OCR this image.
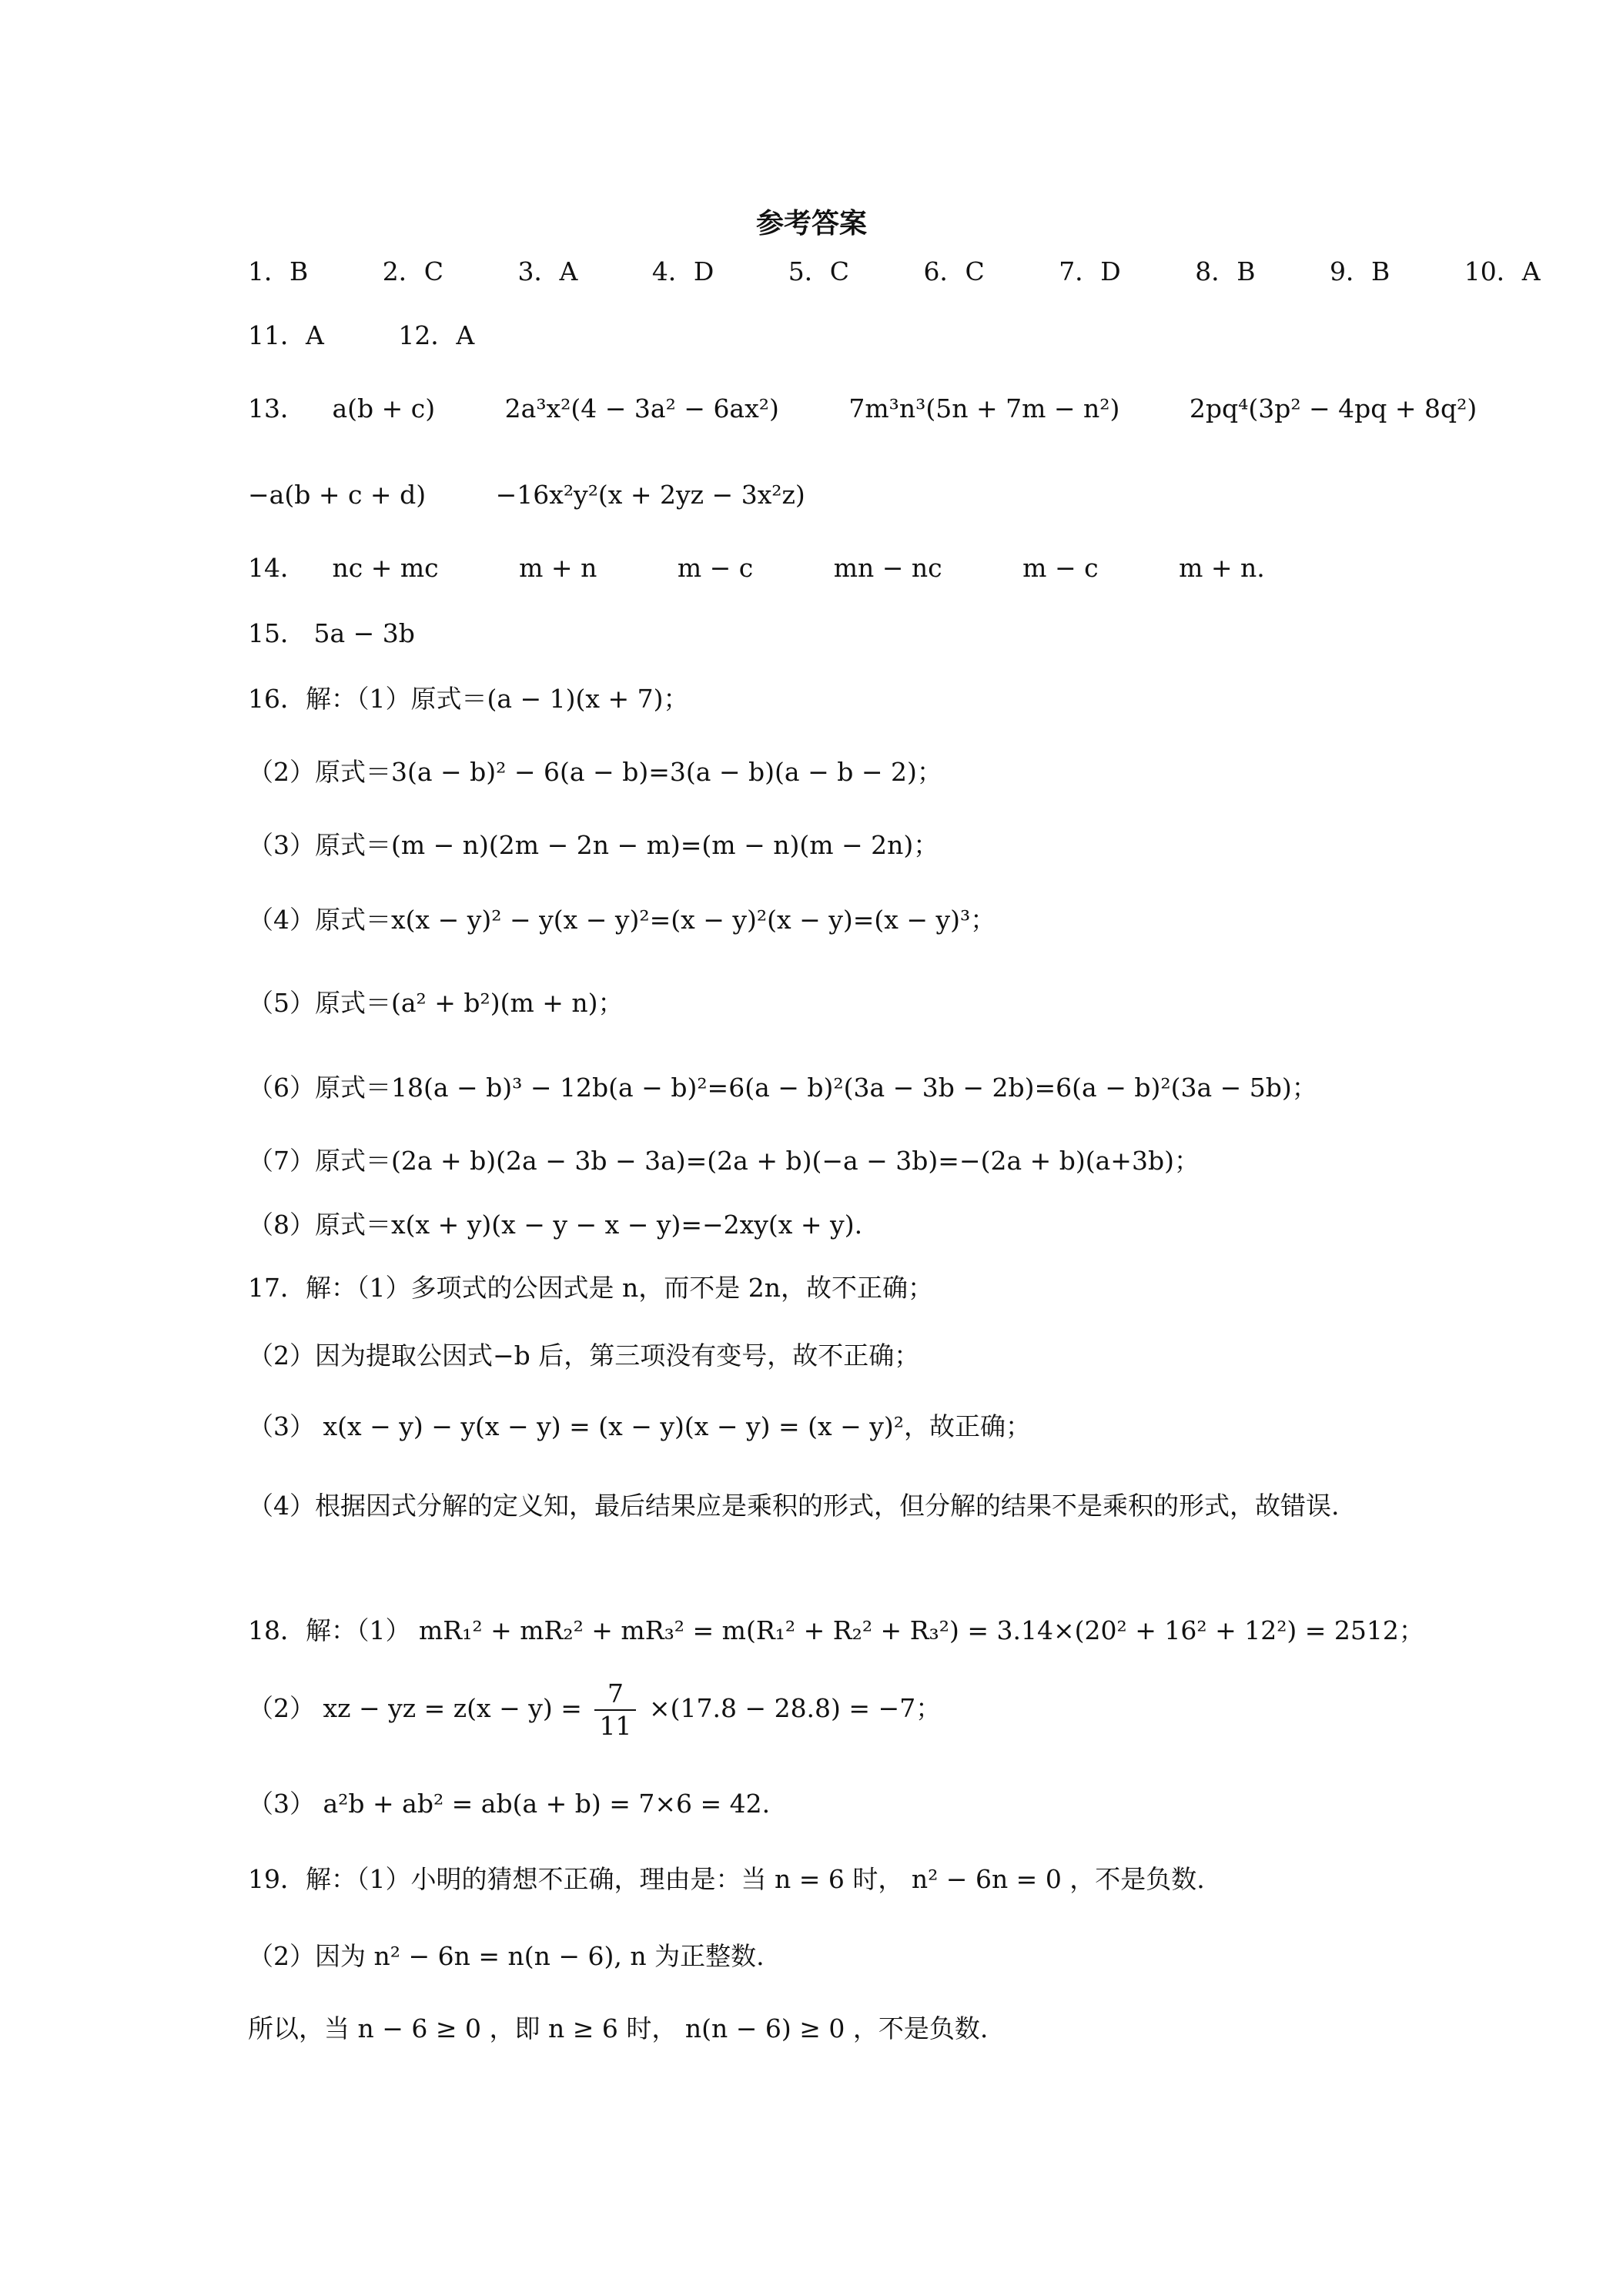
参考答案
1．B	2．C	3．A	4．D	5．C	6．C	7．D	8．B	9．B	10．A
11．A	12．A
13． a(b + c)	2a³x²(4 − 3a² − 6ax²)	7m³n³(5n + 7m − n²)	2pq⁴(3p² − 4pq + 8q²)
−a(b + c + d)	−16x²y²(x + 2yz − 3x²z)
14． nc + mc	m + n	m − c	mn − nc	m − c	m + n.
15． 5a − 3b
16．解：（1）原式＝(a − 1)(x + 7)；
（2）原式＝3(a − b)² − 6(a − b)=3(a − b)(a − b − 2)；
（3）原式＝(m − n)(2m − 2n − m)=(m − n)(m − 2n)；
（4）原式＝x(x − y)² − y(x − y)²=(x − y)²(x − y)=(x − y)³；
（5）原式＝(a² + b²)(m + n)；
（6）原式＝18(a − b)³ − 12b(a − b)²=6(a − b)²(3a − 3b − 2b)=6(a − b)²(3a − 5b)；
（7）原式＝(2a + b)(2a − 3b − 3a)=(2a + b)(−a − 3b)=−(2a + b)(a+3b)；
（8）原式＝x(x + y)(x − y − x − y)=−2xy(x + y).
17．解：（1）多项式的公因式是 n，而不是 2n，故不正确；
（2）因为提取公因式−b 后，第三项没有变号，故不正确；
（3） x(x − y) − y(x − y) = (x − y)(x − y) = (x − y)²，故正确；
（4）根据因式分解的定义知，最后结果应是乘积的形式，但分解的结果不是乘积的形式，故错误.
18．解：（1） mR₁² + mR₂² + mR₃² = m(R₁² + R₂² + R₃²) = 3.14×(20² + 16² + 12²) = 2512；
（2） xz − yz = $z(x - y) = \frac{7}{11} \times(17.8 - 28.8) = -7$；
（3） a²b + ab² = ab(a + b) = 7×6 = 42.
19．解：（1）小明的猜想不正确，理由是：当 n = 6 时， n² − 6n = 0 ，不是负数.
（2）因为 n² − 6n = n(n − 6), n 为正整数.
所以，当 n − 6 ≥ 0 ，即 n ≥ 6 时， n(n − 6) ≥ 0 ，不是负数.
